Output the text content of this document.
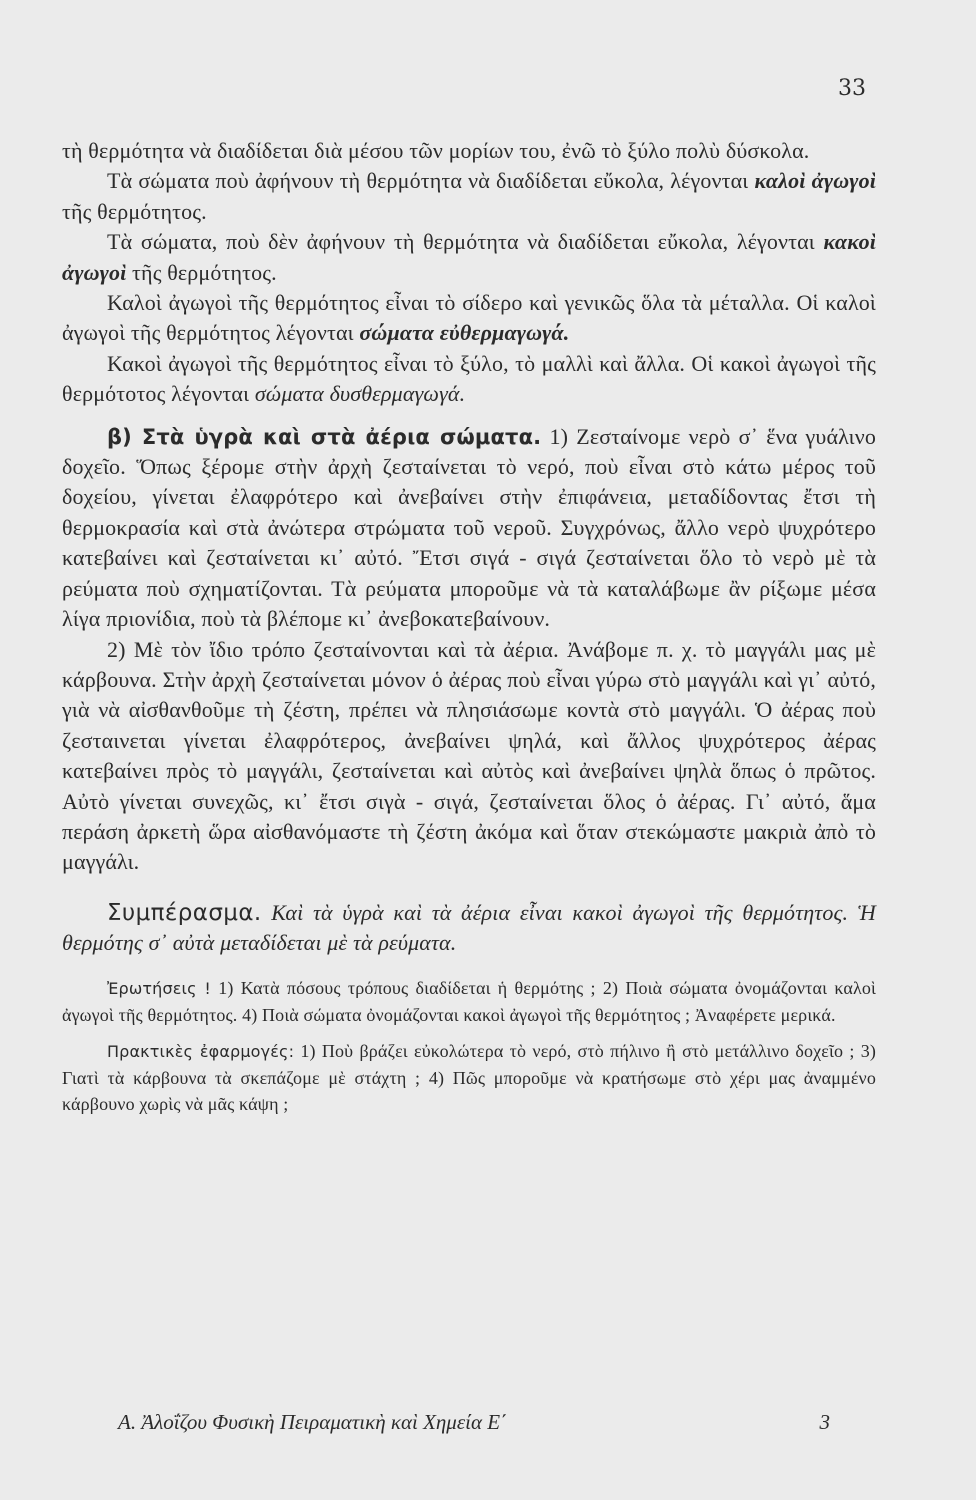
33

τὴ θερμότητα νὰ διαδίδεται διὰ μέσου τῶν μορίων του, ἐνῶ τὸ ξύλο πολὺ δύσκολα.

Τὰ σώματα ποὺ ἀφήνουν τὴ θερμότητα νὰ διαδίδεται εὔκολα, λέγονται καλοὶ ἀγωγοὶ τῆς θερμότητος.

Τὰ σώματα, ποὺ δὲν ἀφήνουν τὴ θερμότητα νὰ διαδίδεται εὔκολα, λέγονται κακοὶ ἀγωγοὶ τῆς θερμότητος.

Καλοὶ ἀγωγοὶ τῆς θερμότητος εἶναι τὸ σίδερο καὶ γενικῶς ὅλα τὰ μέταλλα. Οἱ καλοὶ ἀγωγοὶ τῆς θερμότητος λέγονται σώματα εὐθερμαγωγά.

Κακοὶ ἀγωγοὶ τῆς θερμότητος εἶναι τὸ ξύλο, τὸ μαλλὶ καὶ ἄλλα. Οἱ κακοὶ ἀγωγοὶ τῆς θερμότοτος λέγονται σώματα δυσθερμαγωγά.

β) Στὰ ὑγρὰ καὶ στὰ ἀέρια σώματα. 1) Ζεσταίνομε νερὸ σ᾿ ἕνα γυάλινο δοχεῖο. Ὅπως ξέρομε στὴν ἀρχὴ ζεσταίνεται τὸ νερό, ποὺ εἶναι στὸ κάτω μέρος τοῦ δοχείου, γίνεται ἐλαφρότερο καὶ ἀνεβαίνει στὴν ἐπιφάνεια, μεταδίδοντας ἔτσι τὴ θερμοκρασία καὶ στὰ ἀνώτερα στρώματα τοῦ νεροῦ. Συγχρόνως, ἄλλο νερὸ ψυχρότερο κατεβαίνει καὶ ζεσταίνεται κι᾿ αὐτό. Ἔτσι σιγά - σιγά ζεσταίνεται ὅλο τὸ νερὸ μὲ τὰ ρεύματα ποὺ σχηματίζονται. Τὰ ρεύματα μποροῦμε νὰ τὰ καταλάβωμε ἂν ρίξωμε μέσα λίγα πριονίδια, ποὺ τὰ βλέπομε κι᾿ ἀνεβοκατεβαίνουν.

2) Μὲ τὸν ἴδιο τρόπο ζεσταίνονται καὶ τὰ ἀέρια. Ἀνάβομε π. χ. τὸ μαγγάλι μας μὲ κάρβουνα. Στὴν ἀρχὴ ζεσταίνεται μόνον ὁ ἀέρας ποὺ εἶναι γύρω στὸ μαγγάλι καὶ γι᾿ αὐτό, γιὰ νὰ αἰσθανθοῦμε τὴ ζέστη, πρέπει νὰ πλησιάσωμε κοντὰ στὸ μαγγάλι. Ὁ ἀέρας ποὺ ζεσταινεται γίνεται ἐλαφρότερος, ἀνεβαίνει ψηλά, καὶ ἄλλος ψυχρότερος ἀέρας κατεβαίνει πρὸς τὸ μαγγάλι, ζεσταίνεται καὶ αὐτὸς καὶ ἀνεβαίνει ψηλὰ ὅπως ὁ πρῶτος. Αὐτὸ γίνεται συνεχῶς, κι᾿ ἔτσι σιγὰ - σιγά, ζεσταίνεται ὅλος ὁ ἀέρας. Γι᾿ αὐτό, ἅμα περάση ἀρκετὴ ὥρα αἰσθανόμαστε τὴ ζέστη ἀκόμα καὶ ὅταν στεκώμαστε μακριὰ ἀπὸ τὸ μαγγάλι.

Συμπέρασμα. Καὶ τὰ ὑγρὰ καὶ τὰ ἀέρια εἶναι κακοὶ ἀγωγοὶ τῆς θερμότητος. Ἡ θερμότης σ᾿ αὐτὰ μεταδίδεται μὲ τὰ ρεύματα.

Ἐρωτήσεις ! 1) Κατὰ πόσους τρόπους διαδίδεται ἡ θερμότης ; 2) Ποιὰ σώματα ὀνομάζονται καλοὶ ἀγωγοὶ τῆς θερμότητος. 4) Ποιὰ σώματα ὀνομάζονται κακοὶ ἀγωγοὶ τῆς θερμότητος ; Ἀναφέρετε μερικά.

Πρακτικὲς ἐφαρμογές: 1) Ποὺ βράζει εὐκολώτερα τὸ νερό, στὸ πήλινο ἢ στὸ μετάλλινο δοχεῖο ; 3) Γιατὶ τὰ κάρβουνα τὰ σκεπάζομε μὲ στάχτη ; 4) Πῶς μποροῦμε νὰ κρατήσωμε στὸ χέρι μας ἀναμμένο κάρβουνο χωρὶς νὰ μᾶς κάψη ;

Α. Ἀλοΐζου Φυσικὴ Πειραματικὴ καὶ Χημεία Ε΄	3
